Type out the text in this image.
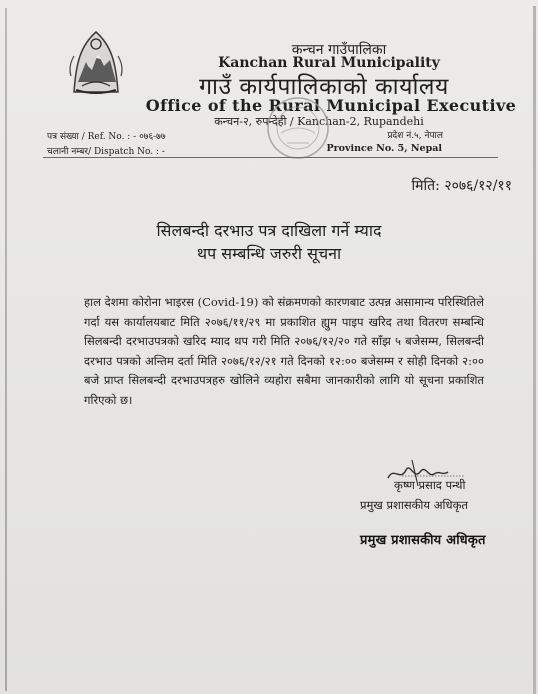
कन्चन गाउँपालिका
Kanchan Rural Municipality
गाउँ कार्यपालिकाको कार्यालय
Office of the Rural Municipal Executive
कन्चन-२, रुपन्देही / Kanchan-2, Rupandehi
पत्र संख्या / Ref. No. : - ०७६-७७
चलानी नम्बर/ Dispatch No. : -
प्रदेश नं.५, नेपाल
Province No. 5, Nepal
मिति: २०७६/१२/११
सिलबन्दी दरभाउ पत्र दाखिला गर्ने म्याद
थप सम्बन्धि जरुरी सूचना
हाल देशमा कोरोना भाइरस (Covid-19) को संक्रमणको कारणबाट उत्पन्न असामान्य परिस्थितिले गर्दा यस कार्यालयबाट मिति २०७६/११/२९ मा प्रकाशित ह्युम पाइप खरिद तथा वितरण सम्बन्धि सिलबन्दी दरभाउपत्रको खरिद म्याद थप गरी मिति २०७६/१२/२० गते साँझ ५ बजेसम्म, सिलबन्दी दरभाउ पत्रको अन्तिम दर्ता मिति २०७६/१२/२१ गते दिनको १२:०० बजेसम्म र सोही दिनको २:०० बजे प्राप्त सिलबन्दी दरभाउपत्रहरु खोलिने व्यहोरा सबैमा जानकारीको लागि यो सूचना प्रकाशित गरिएको छ।
कृष्ण प्रसाद पन्थी
प्रमुख प्रशासकीय अधिकृत
प्रमुख प्रशासकीय अधिकृत
